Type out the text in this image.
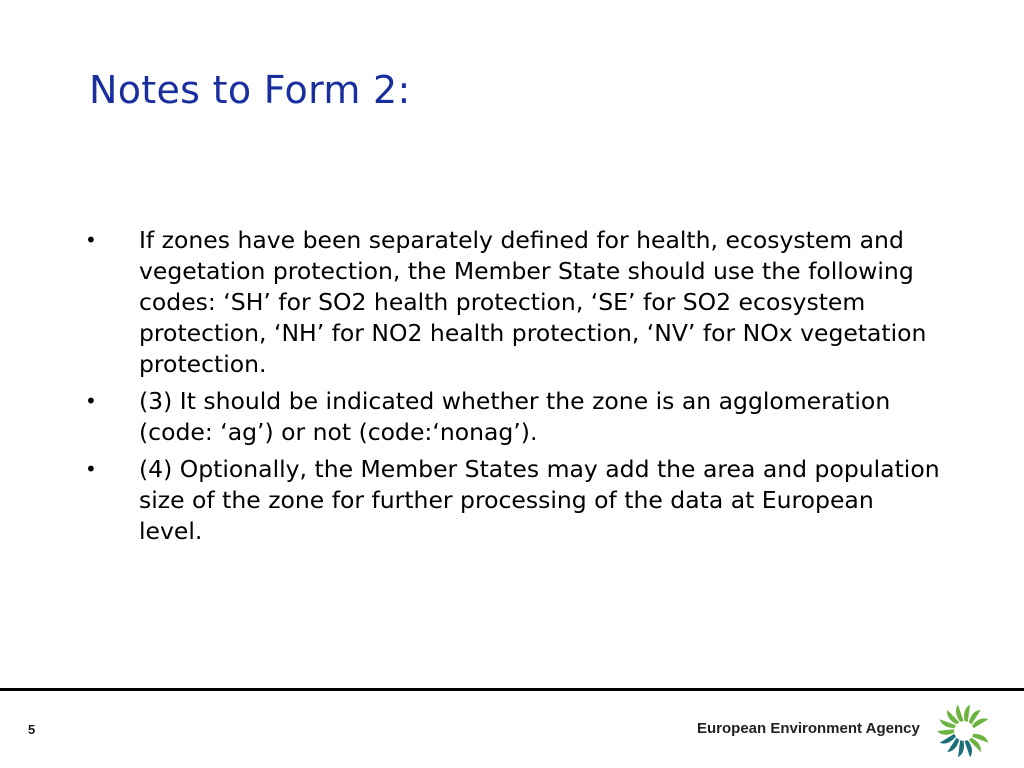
Notes to Form 2:
• If zones have been separately defined for health, ecosystem and vegetation protection, the Member State should use the following codes: ‘SH’ for SO2 health protection, ‘SE’ for SO2 ecosystem protection, ‘NH’ for NO2 health protection, ‘NV’ for NOx vegetation protection.
• (3) It should be indicated whether the zone is an agglomeration (code: ‘ag’) or not (code:‘nonag’).
• (4) Optionally, the Member States may add the area and population size of the zone for further processing of the data at European level.
5	European Environment Agency
